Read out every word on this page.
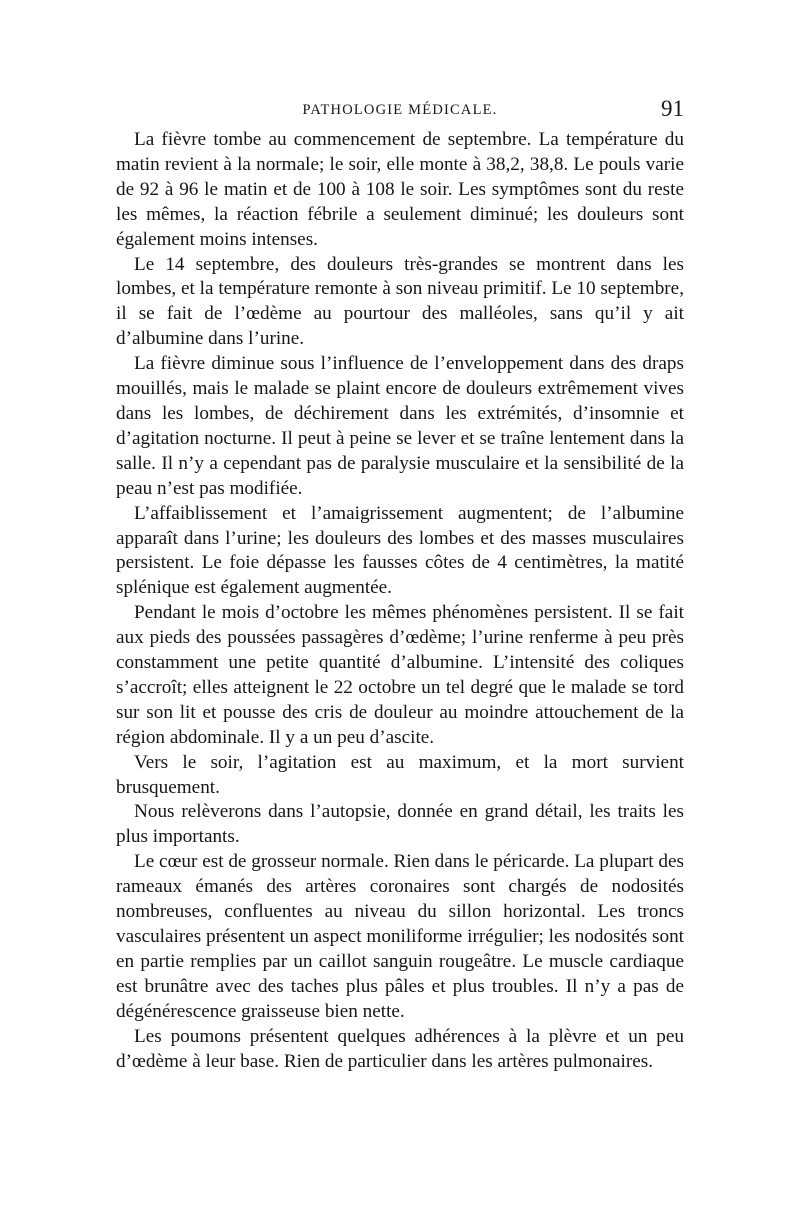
PATHOLOGIE MÉDICALE.	91

La fièvre tombe au commencement de septembre. La température du matin revient à la normale; le soir, elle monte à 38,2, 38,8. Le pouls varie de 92 à 96 le matin et de 100 à 108 le soir. Les symptômes sont du reste les mêmes, la réaction fébrile a seulement diminué; les douleurs sont également moins intenses.

Le 14 septembre, des douleurs très-grandes se montrent dans les lombes, et la température remonte à son niveau primitif. Le 10 septembre, il se fait de l’œdème au pourtour des malléoles, sans qu’il y ait d’albumine dans l’urine.

La fièvre diminue sous l’influence de l’enveloppement dans des draps mouillés, mais le malade se plaint encore de douleurs extrêmement vives dans les lombes, de déchirement dans les extrémités, d’insomnie et d’agitation nocturne. Il peut à peine se lever et se traîne lentement dans la salle. Il n’y a cependant pas de paralysie musculaire et la sensibilité de la peau n’est pas modifiée.

L’affaiblissement et l’amaigrissement augmentent; de l’albumine apparaît dans l’urine; les douleurs des lombes et des masses musculaires persistent. Le foie dépasse les fausses côtes de 4 centimètres, la matité splénique est également augmentée.

Pendant le mois d’octobre les mêmes phénomènes persistent. Il se fait aux pieds des poussées passagères d’œdème; l’urine renferme à peu près constamment une petite quantité d’albumine. L’intensité des coliques s’accroît; elles atteignent le 22 octobre un tel degré que le malade se tord sur son lit et pousse des cris de douleur au moindre attouchement de la région abdominale. Il y a un peu d’ascite.

Vers le soir, l’agitation est au maximum, et la mort survient brusquement.

Nous relèverons dans l’autopsie, donnée en grand détail, les traits les plus importants.

Le cœur est de grosseur normale. Rien dans le péricarde. La plupart des rameaux émanés des artères coronaires sont chargés de nodosités nombreuses, confluentes au niveau du sillon horizontal. Les troncs vasculaires présentent un aspect moniliforme irrégulier; les nodosités sont en partie remplies par un caillot sanguin rougeâtre. Le muscle cardiaque est brunâtre avec des taches plus pâles et plus troubles. Il n’y a pas de dégénérescence graisseuse bien nette.

Les poumons présentent quelques adhérences à la plèvre et un peu d’œdème à leur base. Rien de particulier dans les artères pulmonaires.
